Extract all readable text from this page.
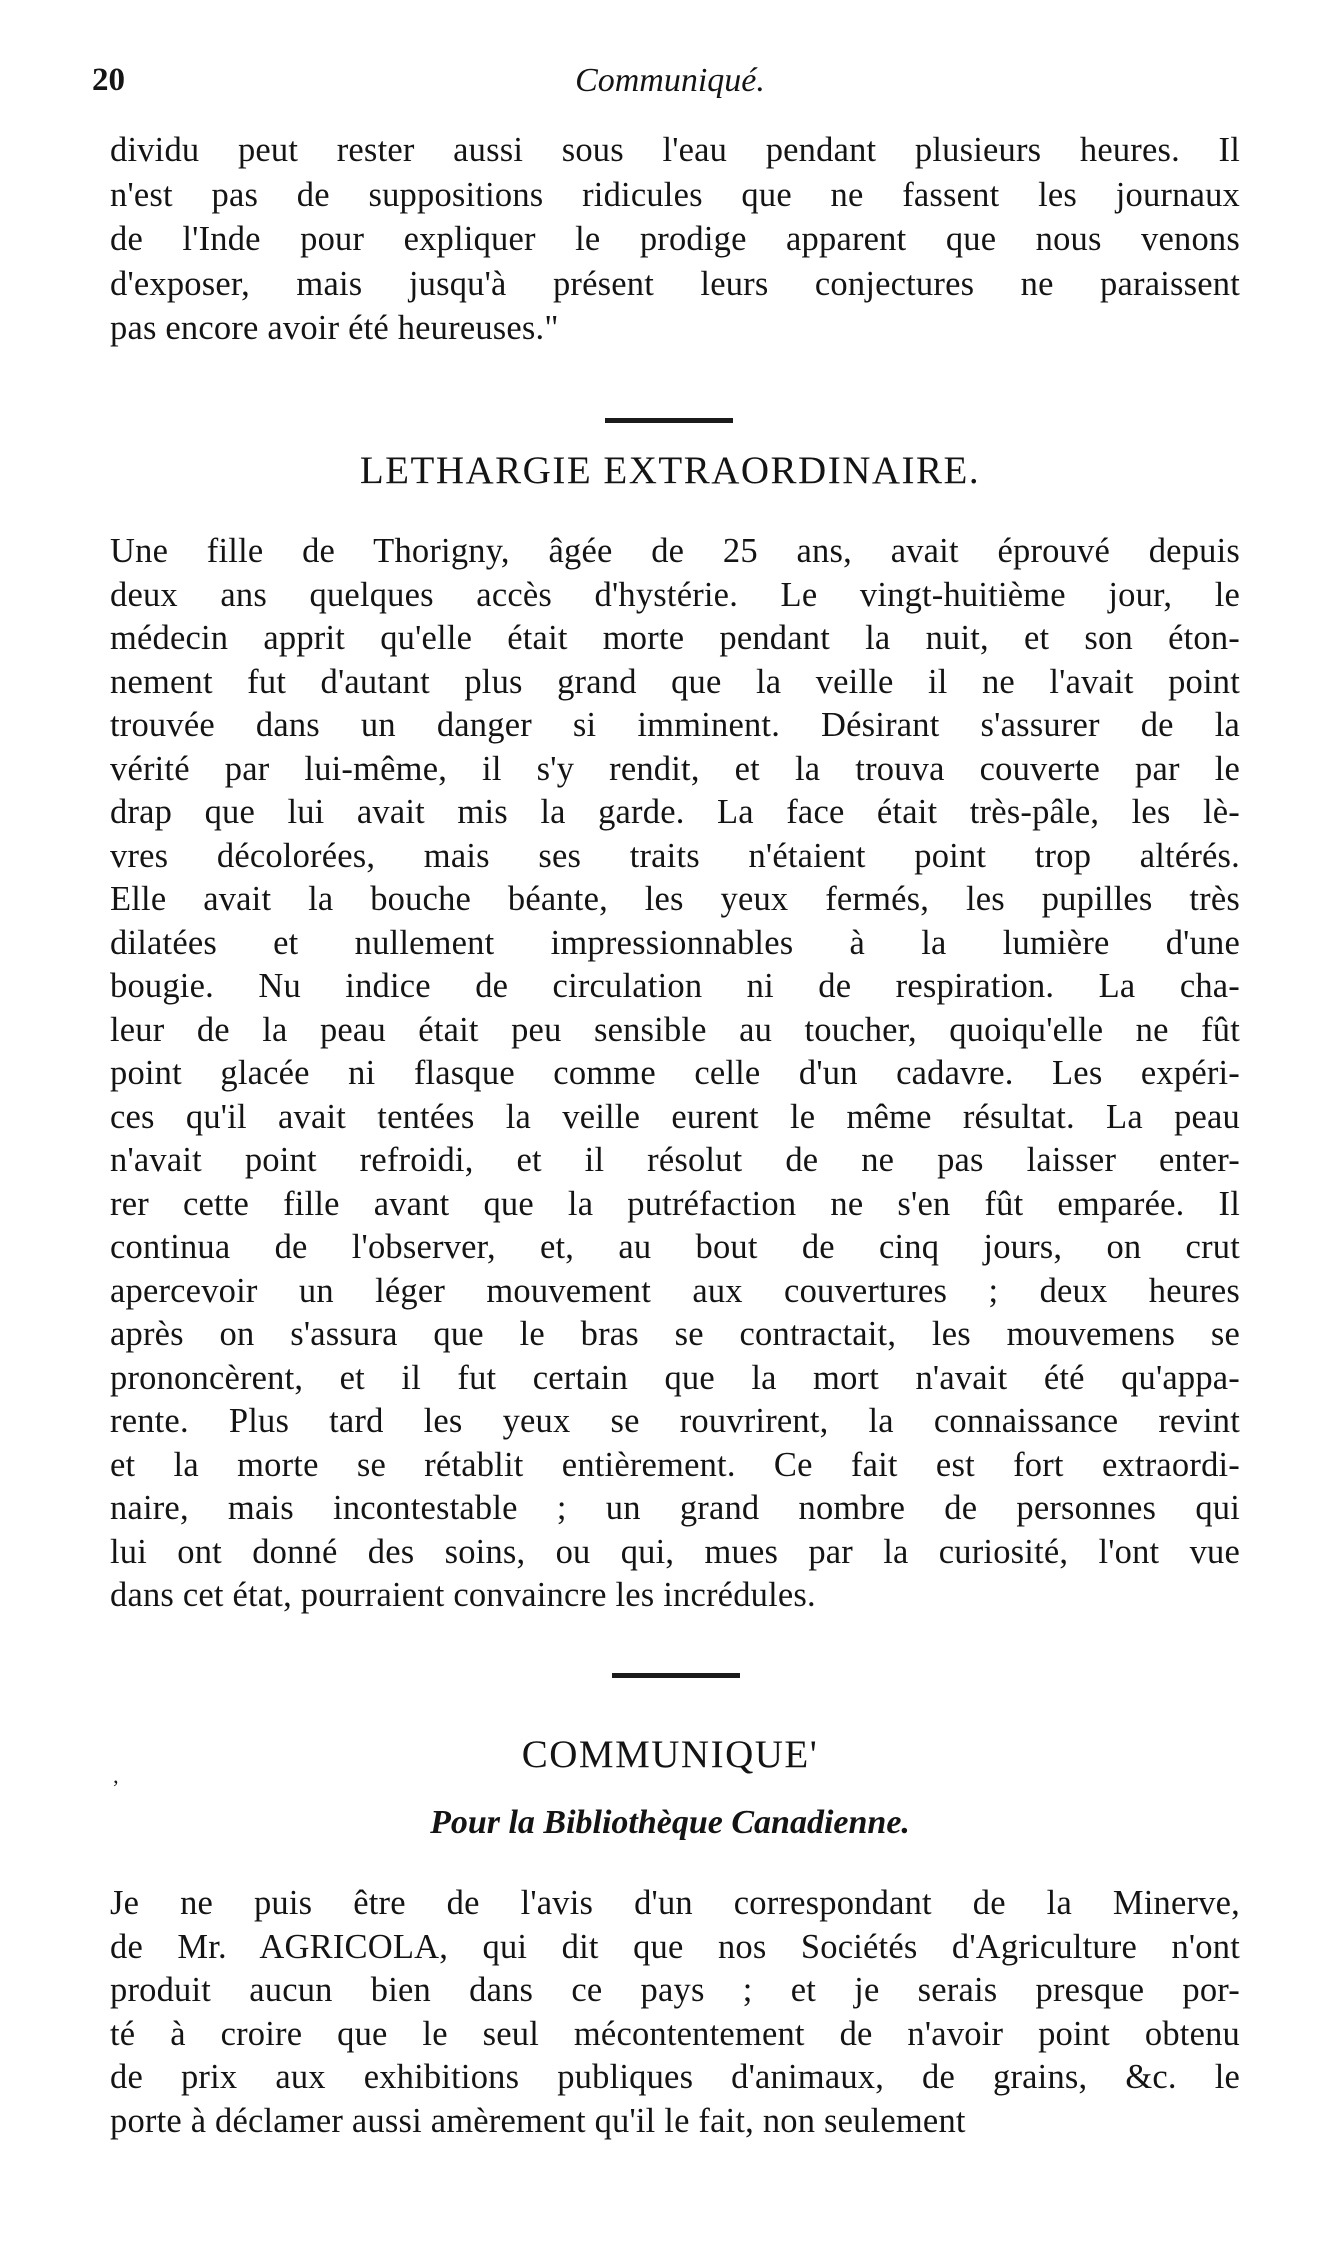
Communiqué.
20
dividu peut rester aussi sous l'eau pendant plusieurs heures. Il
n'est pas de suppositions ridicules que ne fassent les journaux
de l'Inde pour expliquer le prodige apparent que nous venons
d'exposer, mais jusqu'à présent leurs conjectures ne paraissent
pas encore avoir été heureuses."
LETHARGIE EXTRAORDINAIRE.
Une fille de Thorigny, âgée de 25 ans, avait éprouvé depuis
deux ans quelques accès d'hystérie. Le vingt-huitième jour, le
médecin apprit qu'elle était morte pendant la nuit, et son éton-
nement fut d'autant plus grand que la veille il ne l'avait point
trouvée dans un danger si imminent. Désirant s'assurer de la
vérité par lui-même, il s'y rendit, et la trouva couverte par le
drap que lui avait mis la garde. La face était très-pâle, les lè-
vres décolorées, mais ses traits n'étaient point trop altérés.
Elle avait la bouche béante, les yeux fermés, les pupilles très
dilatées et nullement impressionnables à la lumière d'une
bougie. Nu indice de circulation ni de respiration. La cha-
leur de la peau était peu sensible au toucher, quoiqu'elle ne fût
point glacée ni flasque comme celle d'un cadavre. Les expéri-
ces qu'il avait tentées la veille eurent le même résultat. La peau
n'avait point refroidi, et il résolut de ne pas laisser enter-
rer cette fille avant que la putréfaction ne s'en fût emparée. Il
continua de l'observer, et, au bout de cinq jours, on crut
apercevoir un léger mouvement aux couvertures ; deux heures
après on s'assura que le bras se contractait, les mouvemens se
prononcèrent, et il fut certain que la mort n'avait été qu'appa-
rente. Plus tard les yeux se rouvrirent, la connaissance revint
et la morte se rétablit entièrement. Ce fait est fort extraordi-
naire, mais incontestable ; un grand nombre de personnes qui
lui ont donné des soins, ou qui, mues par la curiosité, l'ont vue
dans cet état, pourraient convaincre les incrédules.
COMMUNIQUE'
’
Pour la Bibliothèque Canadienne.
Je ne puis être de l'avis d'un correspondant de la Minerve,
de Mr. AGRICOLA, qui dit que nos Sociétés d'Agriculture n'ont
produit aucun bien dans ce pays ; et je serais presque por-
té à croire que le seul mécontentement de n'avoir point obtenu
de prix aux exhibitions publiques d'animaux, de grains, &c. le
porte à déclamer aussi amèrement qu'il le fait, non seulement
